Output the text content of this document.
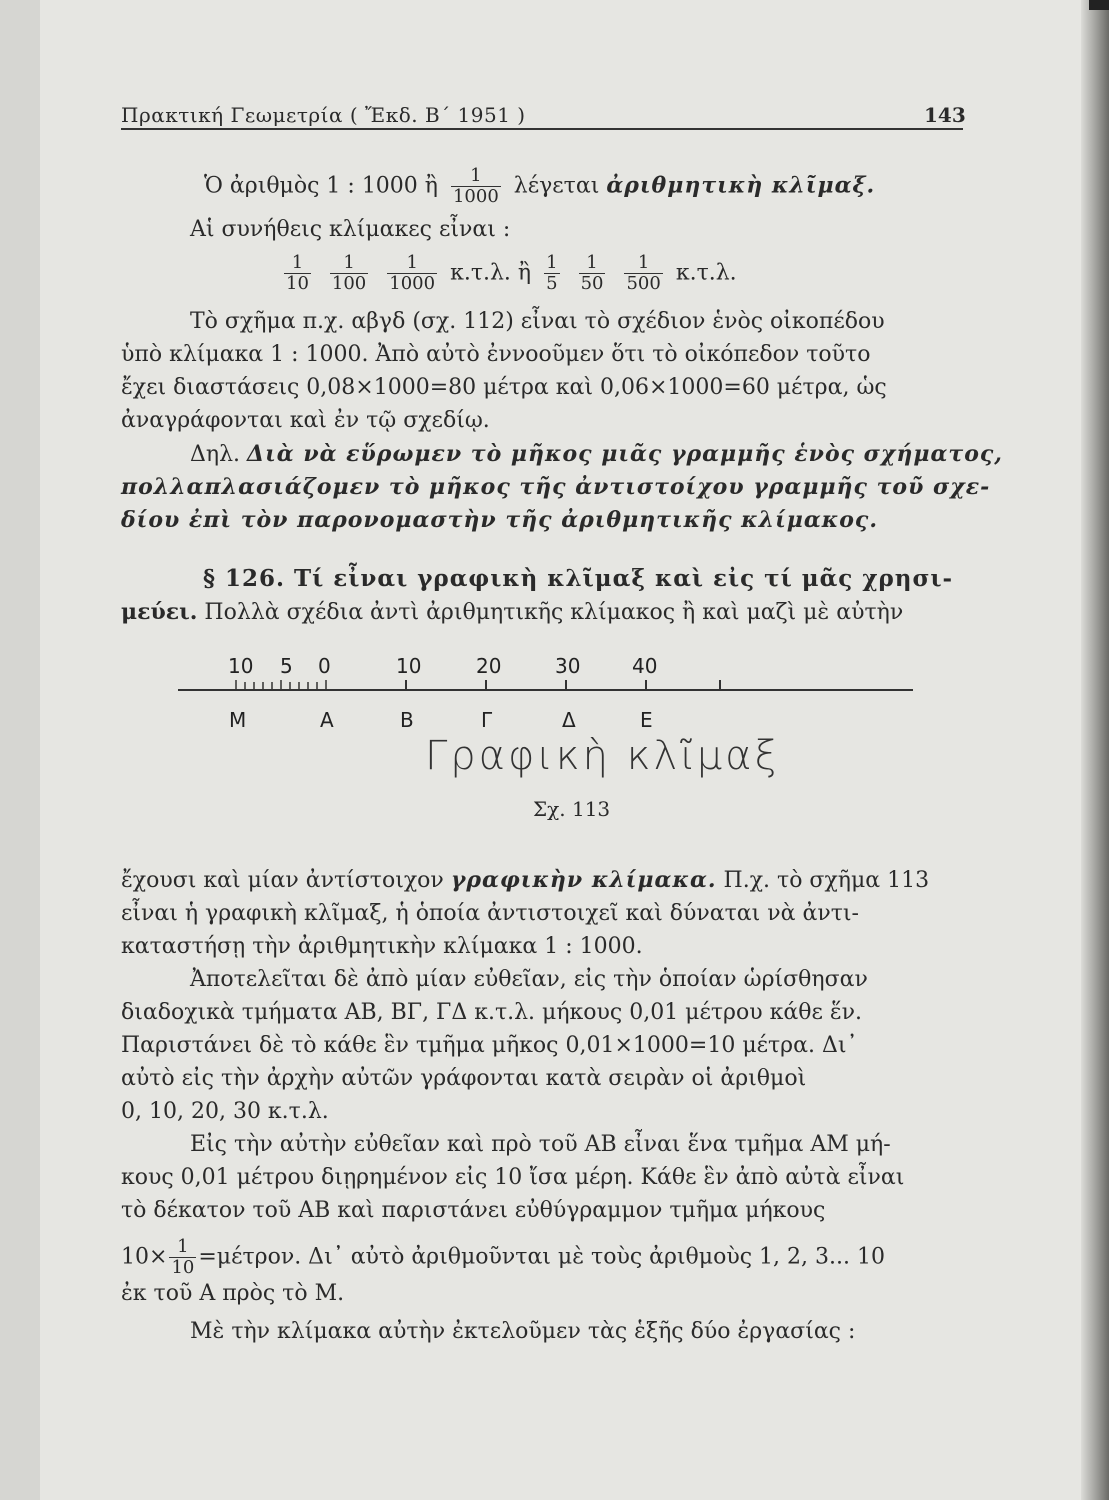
Πρακτική Γεωμετρία ( Ἔκδ. Β΄ 1951 )	143
Ὁ ἀριθμὸς 1 : 1000 ἢ $\frac{1}{1000}$ λέγεται ἀριθμητικὴ κλῖμαξ.
Αἱ συνήθεις κλίμακες εἶναι :
$\frac{1}{10}$
$\frac{1}{100}$
$\frac{1}{1000} \kappa.\tau.\lambda$. ἢ $\frac{1}{5}$
$\frac{1}{50}$
$\frac{1}{500} \kappa.\tau.\lambda$.
Τὸ σχῆμα π.χ. αβγδ (σχ. 112) εἶναι τὸ σχέδιον ἑνὸς οἰκοπέδου
ὑπὸ κλίμακα 1 : 1000. Ἀπὸ αὐτὸ ἐννοοῦμεν ὅτι τὸ οἰκόπεδον τοῦτο
ἔχει διαστάσεις 0,08×1000=80 μέτρα καὶ 0,06×1000=60 μέτρα, ὡς
ἀναγράφονται καὶ ἐν τῷ σχεδίῳ.
Δηλ. Διὰ νὰ εὕρωμεν τὸ μῆκος μιᾶς γραμμῆς ἑνὸς σχήματος,
πολλαπλασιάζομεν τὸ μῆκος τῆς ἀντιστοίχου γραμμῆς τοῦ σχε-
δίου ἐπὶ τὸν παρονομαστὴν τῆς ἀριθμητικῆς κλίμακος.
§ 126. Τί εἶναι γραφικὴ κλῖμαξ καὶ εἰς τί μᾶς χρησι-
μεύει. Πολλὰ σχέδια ἀντὶ ἀριθμητικῆς κλίμακος ἢ καὶ μαζὶ μὲ αὐτὴν
10 5 0	10	20	30	40
Μ	Α	Β	Γ	Δ	Ε
Γραφικὴ κλῖμαξ
Σχ. 113
ἔχουσι καὶ μίαν ἀντίστοιχον γραφικὴν κλίμακα. Π.χ. τὸ σχῆμα 113
εἶναι ἡ γραφικὴ κλῖμαξ, ἡ ὁποία ἀντιστοιχεῖ καὶ δύναται νὰ ἀντι-
καταστήσῃ τὴν ἀριθμητικὴν κλίμακα 1 : 1000.
Ἀποτελεῖται δὲ ἀπὸ μίαν εὐθεῖαν, εἰς τὴν ὁποίαν ὡρίσθησαν
διαδοχικὰ τμήματα ΑΒ, ΒΓ, ΓΔ κ.τ.λ. μήκους 0,01 μέτρου κάθε ἕν.
Παριστάνει δὲ τὸ κάθε ἓν τμῆμα μῆκος 0,01×1000=10 μέτρα. Δι᾽
αὐτὸ εἰς τὴν ἀρχὴν αὐτῶν γράφονται κατὰ σειρὰν οἱ ἀριθμοὶ
0, 10, 20, 30 κ.τ.λ.
Εἰς τὴν αὐτὴν εὐθεῖαν καὶ πρὸ τοῦ ΑΒ εἶναι ἕνα τμῆμα ΑΜ μή-
κους 0,01 μέτρου διῃρημένον εἰς 10 ἴσα μέρη. Κάθε ἓν ἀπὸ αὐτὰ εἶναι
τὸ δέκατον τοῦ ΑΒ καὶ παριστάνει εὐθύγραμμον τμῆμα μήκους
$10\times \frac{1}{10} =\mu έ\tau\rho o\nu$. Δι᾽ αὐτὸ ἀριθμοῦνται μὲ τοὺς ἀριθμοὺς 1, 2, 3... 10
ἐκ τοῦ Α πρὸς τὸ Μ.
Μὲ τὴν κλίμακα αὐτὴν ἐκτελοῦμεν τὰς ἑξῆς δύο ἐργασίας :
